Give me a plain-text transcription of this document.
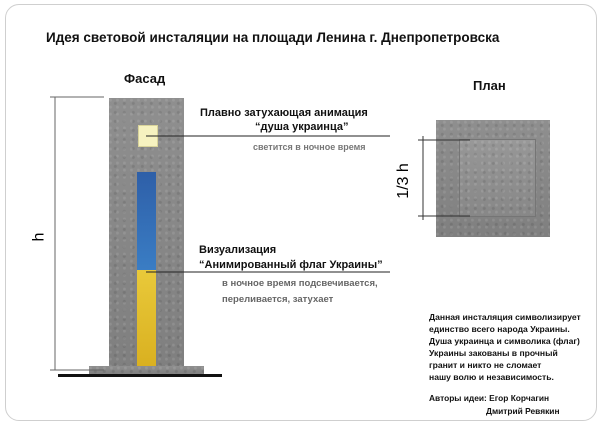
Идея световой инсталяции на площади Ленина г. Днепропетровска
Фасад	План
h
1/3 h
Плавно затухающая анимация
“душа украинца”
светится в ночное время
Визуализация
“Анимированный флаг Украины”
в ночное время подсвечивается,
переливается, затухает
Данная инсталяция символизирует
единство всего народа Украины.
Душа украинца и символика (флаг)
Украины закованы в прочный
гранит и никто не сломает
нашу волю и независимость.
Авторы идеи: Егор Корчагин
Дмитрий Ревякин
